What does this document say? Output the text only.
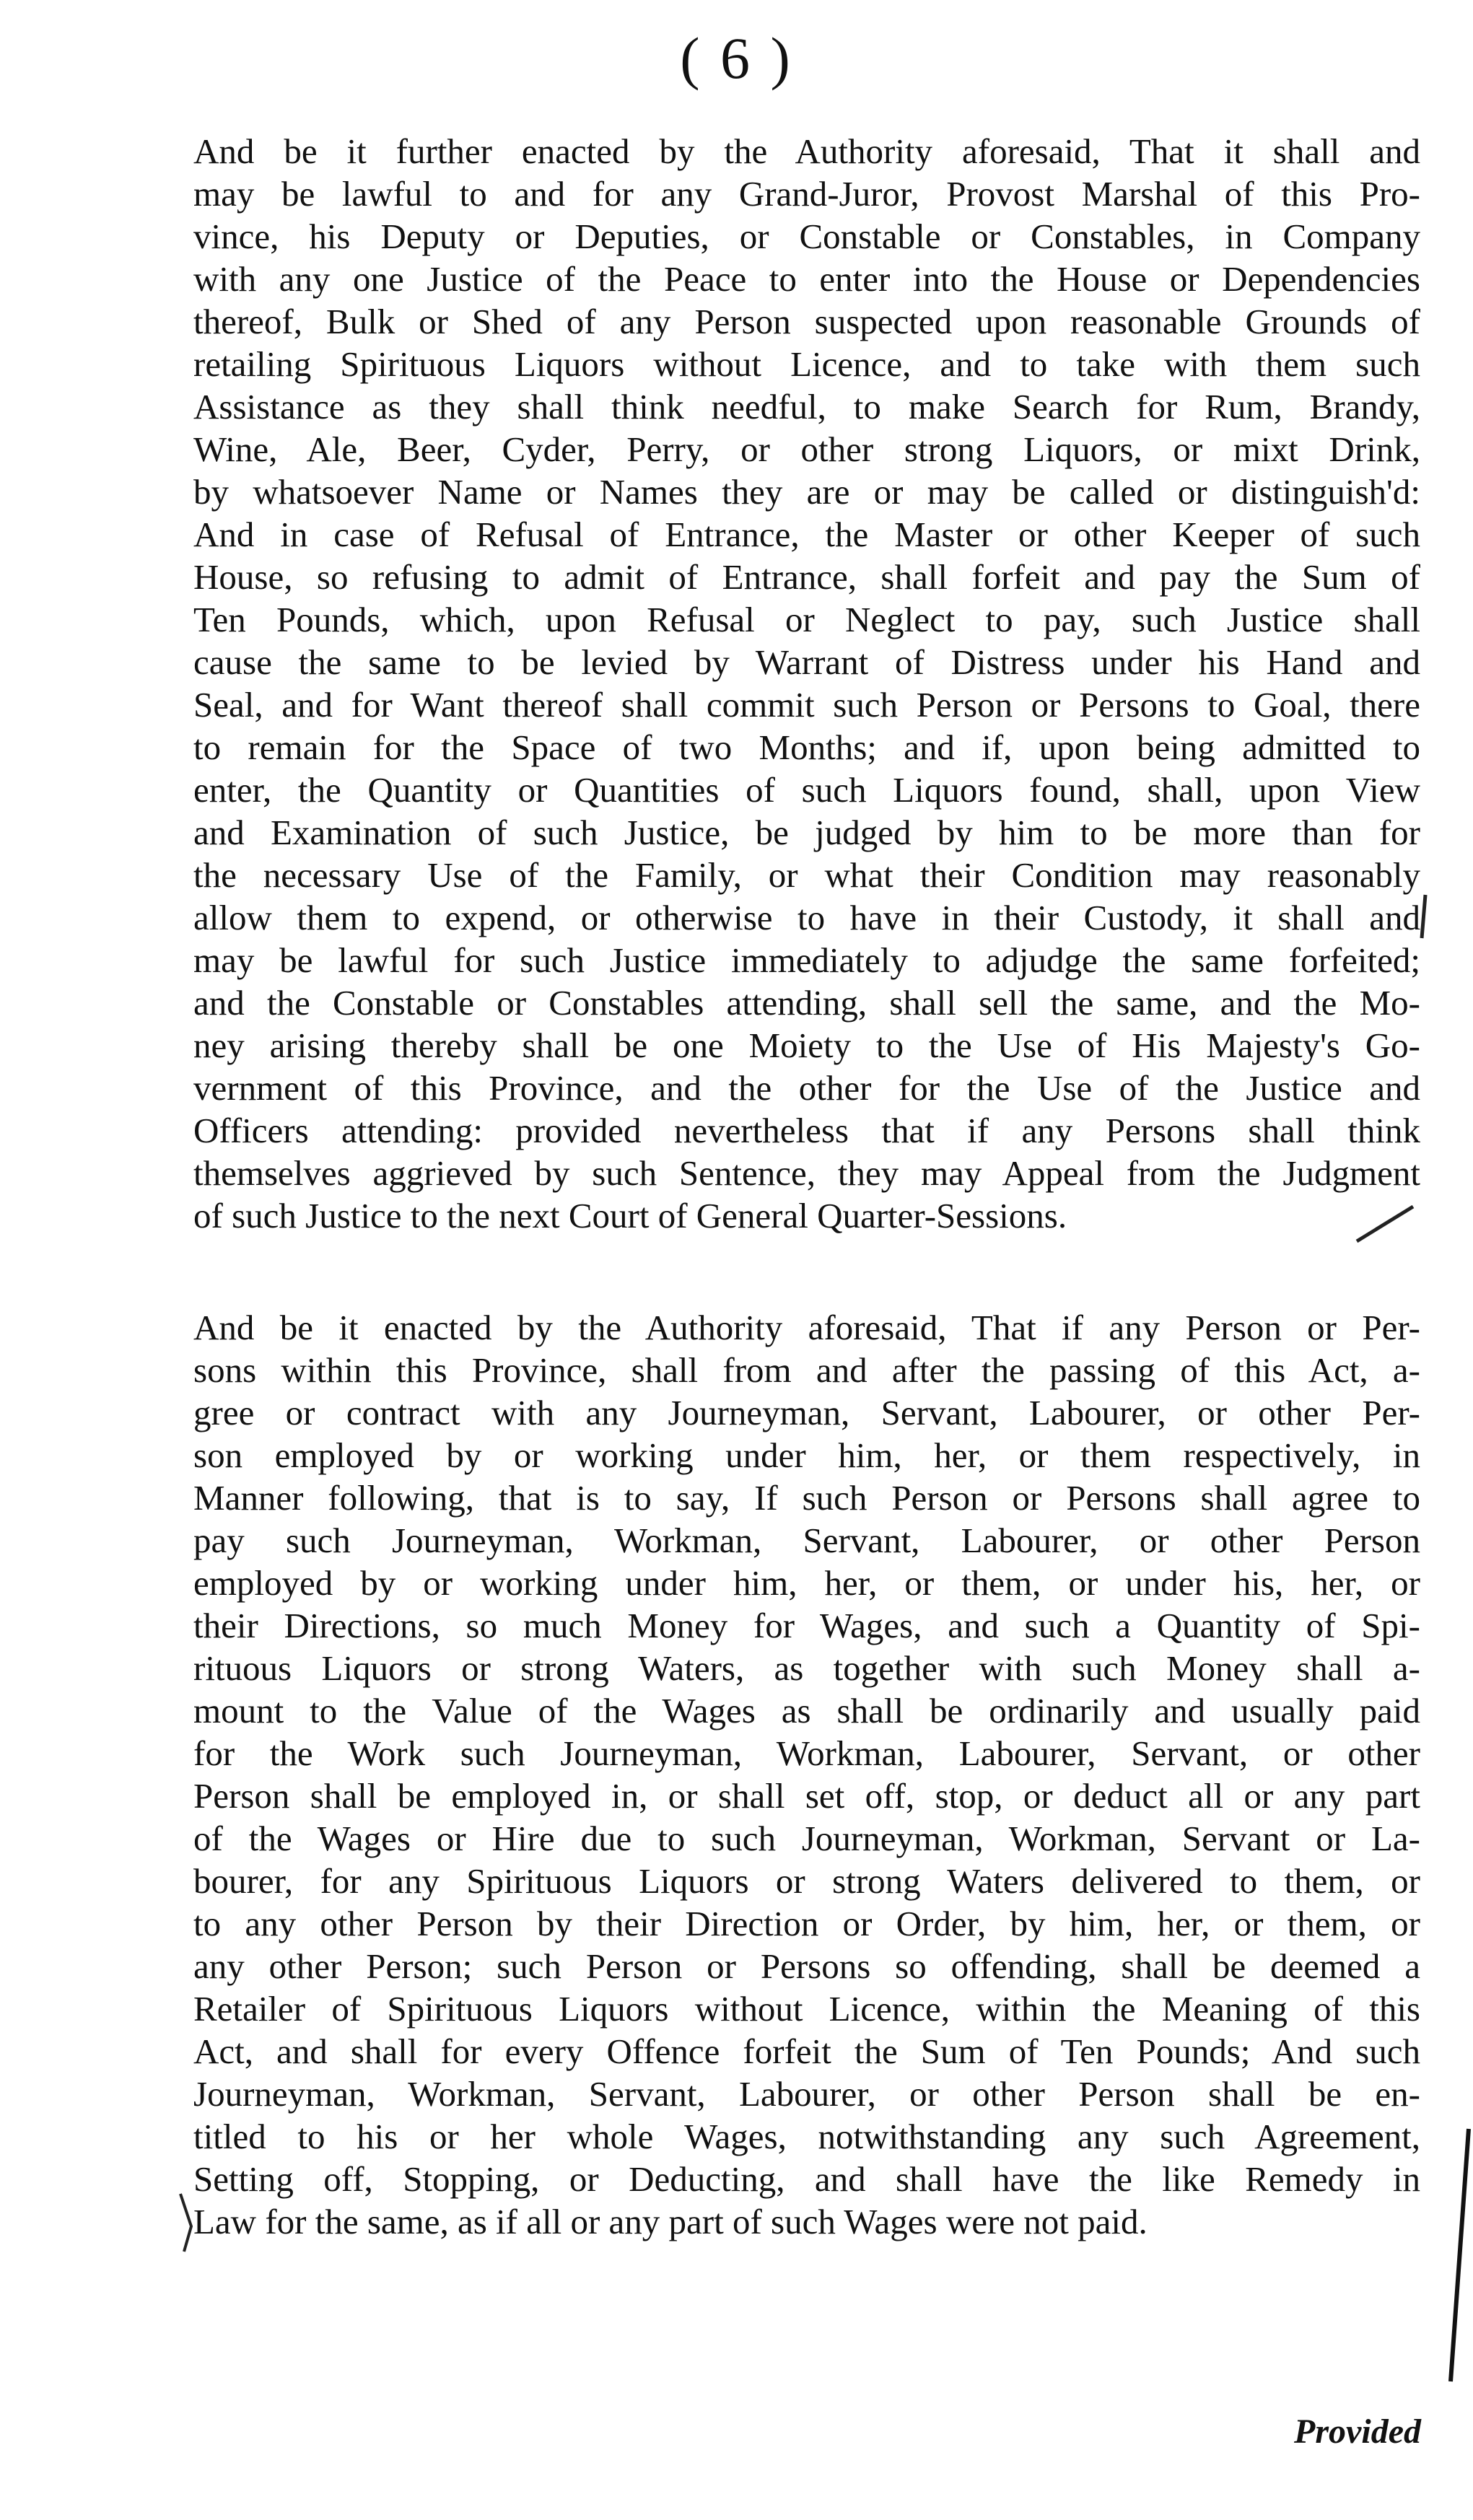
( 6 )
And be it further enacted by the Authority aforesaid, That it shall and
may be lawful to and for any Grand-Juror, Provost Marshal of this Pro-
vince, his Deputy or Deputies, or Constable or Constables, in Company
with any one Justice of the Peace to enter into the House or Dependencies
thereof, Bulk or Shed of any Person suspected upon reasonable Grounds of
retailing Spirituous Liquors without Licence, and to take with them such
Assistance as they shall think needful, to make Search for Rum, Brandy,
Wine, Ale, Beer, Cyder, Perry, or other strong Liquors, or mixt Drink,
by whatsoever Name or Names they are or may be called or distinguish'd:
And in case of Refusal of Entrance, the Master or other Keeper of such
House, so refusing to admit of Entrance, shall forfeit and pay the Sum of
Ten Pounds, which, upon Refusal or Neglect to pay, such Justice shall
cause the same to be levied by Warrant of Distress under his Hand and
Seal, and for Want thereof shall commit such Person or Persons to Goal, there
to remain for the Space of two Months; and if, upon being admitted to
enter, the Quantity or Quantities of such Liquors found, shall, upon View
and Examination of such Justice, be judged by him to be more than for
the necessary Use of the Family, or what their Condition may reasonably
allow them to expend, or otherwise to have in their Custody, it shall and
may be lawful for such Justice immediately to adjudge the same forfeited;
and the Constable or Constables attending, shall sell the same, and the Mo-
ney arising thereby shall be one Moiety to the Use of His Majesty's Go-
vernment of this Province, and the other for the Use of the Justice and
Officers attending: provided nevertheless that if any Persons shall think
themselves aggrieved by such Sentence, they may Appeal from the Judgment
of such Justice to the next Court of General Quarter-Sessions.
And be it enacted by the Authority aforesaid, That if any Person or Per-
sons within this Province, shall from and after the passing of this Act, a-
gree or contract with any Journeyman, Servant, Labourer, or other Per-
son employed by or working under him, her, or them respectively, in
Manner following, that is to say, If such Person or Persons shall agree to
pay such Journeyman, Workman, Servant, Labourer, or other Person
employed by or working under him, her, or them, or under his, her, or
their Directions, so much Money for Wages, and such a Quantity of Spi-
rituous Liquors or strong Waters, as together with such Money shall a-
mount to the Value of the Wages as shall be ordinarily and usually paid
for the Work such Journeyman, Workman, Labourer, Servant, or other
Person shall be employed in, or shall set off, stop, or deduct all or any part
of the Wages or Hire due to such Journeyman, Workman, Servant or La-
bourer, for any Spirituous Liquors or strong Waters delivered to them, or
to any other Person by their Direction or Order, by him, her, or them, or
any other Person; such Person or Persons so offending, shall be deemed a
Retailer of Spirituous Liquors without Licence, within the Meaning of this
Act, and shall for every Offence forfeit the Sum of Ten Pounds; And such
Journeyman, Workman, Servant, Labourer, or other Person shall be en-
titled to his or her whole Wages, notwithstanding any such Agreement,
Setting off, Stopping, or Deducting, and shall have the like Remedy in
Law for the same, as if all or any part of such Wages were not paid.
Provided
